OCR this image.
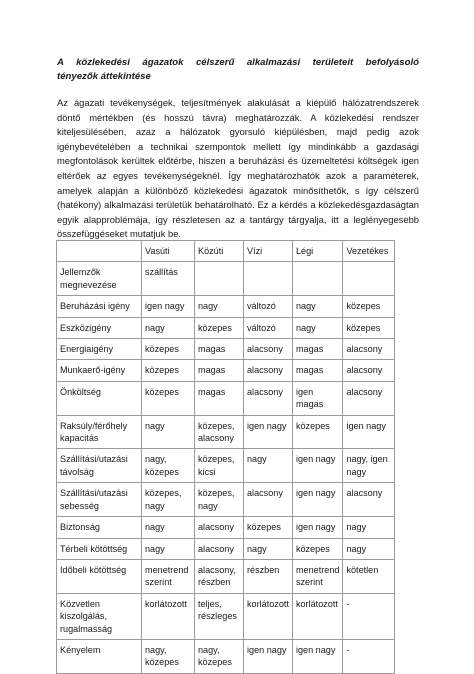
A közlekedési ágazatok célszerű alkalmazási területeit befolyásoló
tényezők áttekintése
Az ágazati tevékenységek, teljesítmények alakulását a kiépülő hálózatrendszerek döntő mértékben (és hosszú távra) meghatározzák. A közlekedési rendszer kiteljesülésében, azaz a hálózatok gyorsuló kiépülésben, majd pedig azok igénybevételében a technikai szempontok mellett így mindinkább a gazdasági megfontolások kerültek előtérbe, hiszen a beruházási és üzemeltetési költségek igen eltérőek az egyes tevékenységeknél. Így meghatározhatók azok a paraméterek, amelyek alapján a különböző közlekedési ágazatok minősíthetők, s így célszerű (hatékony) alkalmazási területük behatárolható. Ez a kérdés a közlekedésgazdaságtan egyik alapproblémája, így részletesen az a tantárgy tárgyalja, itt a leglényegesebb összefüggéseket mutatjuk be.
	Vasúti	Közúti	Vízi	Légi	Vezetékes
Jellemzők megnevezése	szállítás				
Beruházási igény	igen nagy	nagy	változó	nagy	közepes
Eszközigény	nagy	közepes	változó	nagy	közepes
Energiaigény	közepes	magas	alacsony	magas	alacsony
Munkaerő-igény	közepes	magas	alacsony	magas	alacsony
Önköltség	közepes	magas	alacsony	igen magas	alacsony
Raksúly/férőhely kapacitás	nagy	közepes, alacsony	igen nagy	közepes	igen nagy
Szállítási/utazási távolság	nagy, közepes	közepes, kicsi	nagy	igen nagy	nagy, igen nagy
Szállítási/utazási sebesség	közepes, nagy	közepes, nagy	alacsony	igen nagy	alacsony
Biztonság	nagy	alacsony	közepes	igen nagy	nagy
Térbeli kötöttség	nagy	alacsony	nagy	közepes	nagy
Időbeli kötöttség	menetrend szerint	alacsony, részben	részben	menetrend szerint	kötetlen
Közvetlen kiszolgálás, rugalmasság	korlátozott	teljes, részleges	korlátozott	korlátozott	-
Kényelem	nagy, közepes	nagy, közepes	igen nagy	igen nagy	-
